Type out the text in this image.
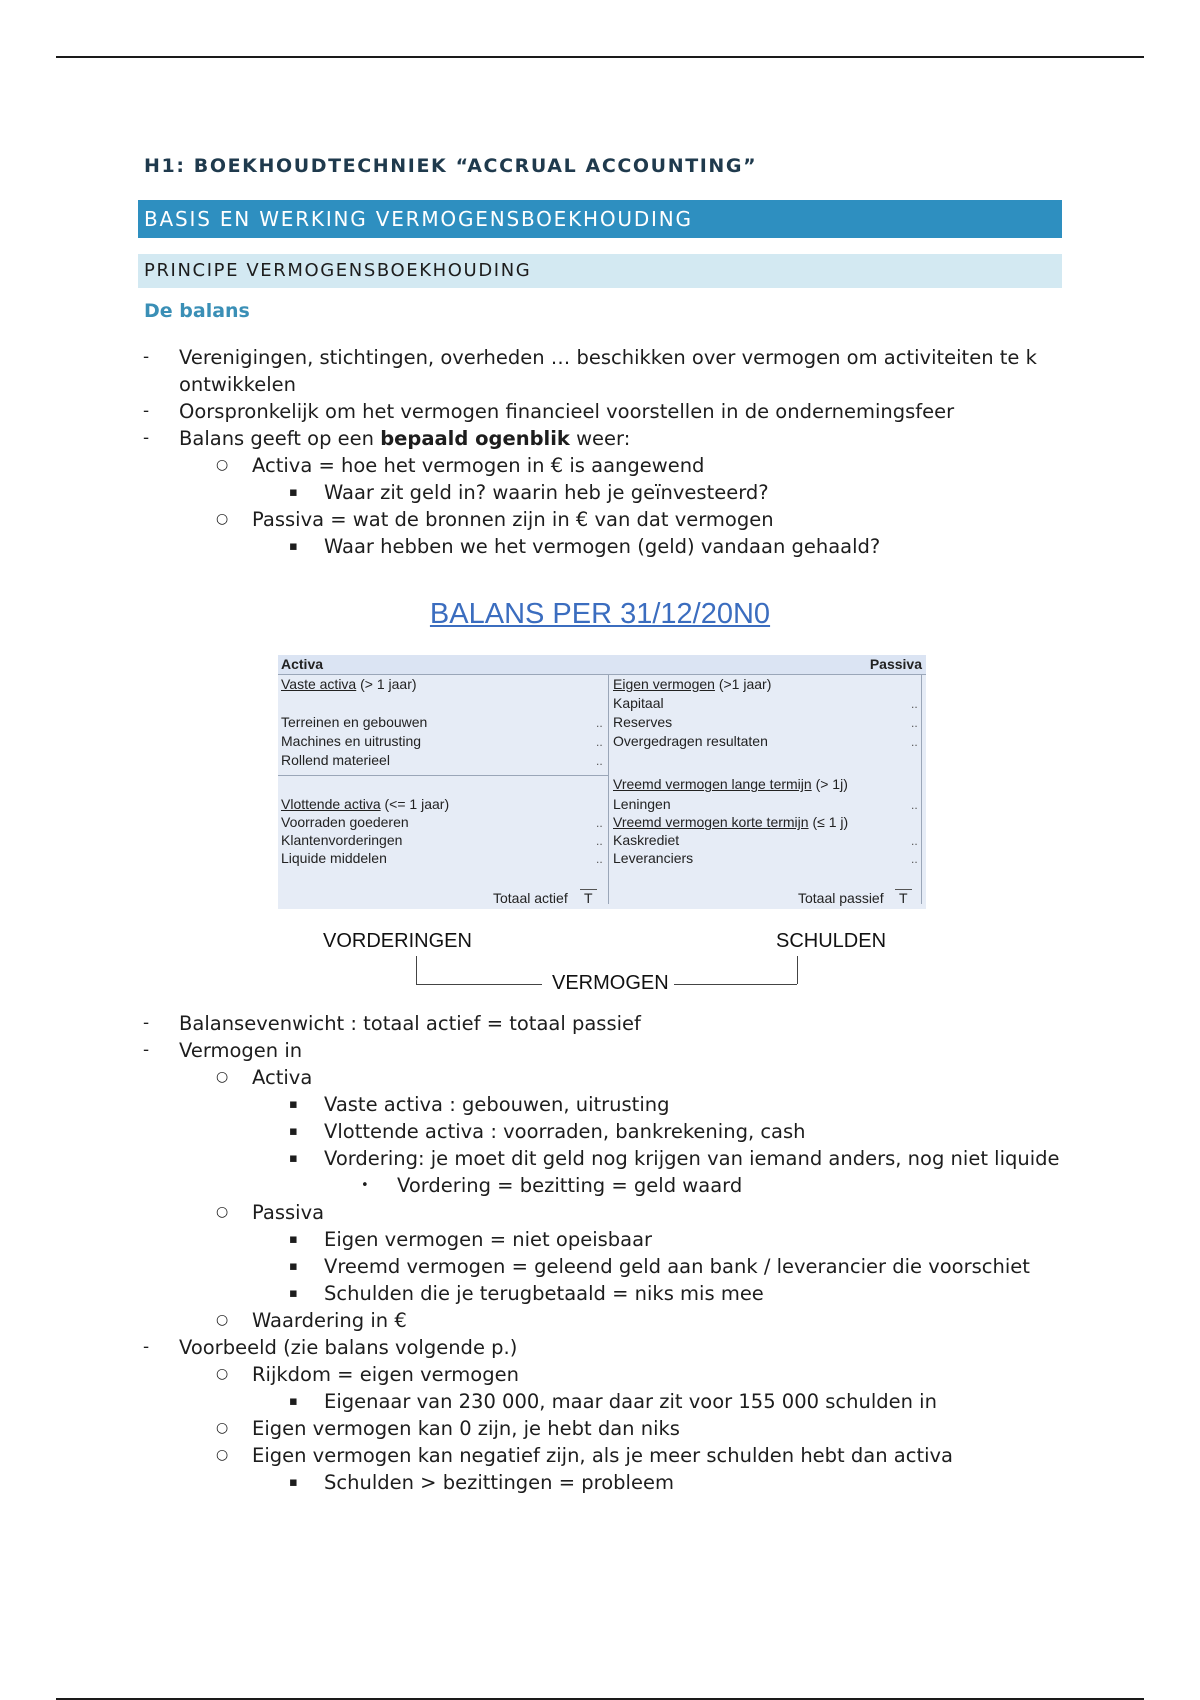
H1: BOEKHOUDTECHNIEK “ACCRUAL ACCOUNTING”
BASIS EN WERKING VERMOGENSBOEKHOUDING
PRINCIPE VERMOGENSBOEKHOUDING
De balans
- Verenigingen, stichtingen, overheden … beschikken over vermogen om activiteiten te k ontwikkelen
- Oorspronkelijk om het vermogen financieel voorstellen in de ondernemingsfeer
- Balans geeft op een bepaald ogenblik weer:
○ Activa = hoe het vermogen in € is aangewend
▪ Waar zit geld in? waarin heb je geïnvesteerd?
○ Passiva = wat de bronnen zijn in € van dat vermogen
▪ Waar hebben we het vermogen (geld) vandaan gehaald?
BALANS PER 31/12/20N0
Activa	Passiva
Vaste activa (> 1 jaar)
Terreinen en gebouwen
Machines en uitrusting
Rollend materieel
Vlottende activa (<= 1 jaar)
Voorraden goederen
Klantenvorderingen
Liquide middelen
..
..
..
..
..
..
Totaal actief T
Eigen vermogen (>1 jaar)
Kapitaal
Reserves
Overgedragen resultaten
Vreemd vermogen lange termijn (> 1j)
Leningen
Vreemd vermogen korte termijn (≤ 1 j)
Kaskrediet
Leveranciers
..
..
..
..
..
..
Totaal passief T
VORDERINGEN	SCHULDEN
VERMOGEN
- Balansevenwicht : totaal actief = totaal passief
- Vermogen in
○ Activa
▪ Vaste activa : gebouwen, uitrusting
▪ Vlottende activa : voorraden, bankrekening, cash
▪ Vordering: je moet dit geld nog krijgen van iemand anders, nog niet liquide
• Vordering = bezitting = geld waard
○ Passiva
▪ Eigen vermogen = niet opeisbaar
▪ Vreemd vermogen = geleend geld aan bank / leverancier die voorschiet
▪ Schulden die je terugbetaald = niks mis mee
○ Waardering in €
- Voorbeeld (zie balans volgende p.)
○ Rijkdom = eigen vermogen
▪ Eigenaar van 230 000, maar daar zit voor 155 000 schulden in
○ Eigen vermogen kan 0 zijn, je hebt dan niks
○ Eigen vermogen kan negatief zijn, als je meer schulden hebt dan activa
▪ Schulden > bezittingen = probleem
